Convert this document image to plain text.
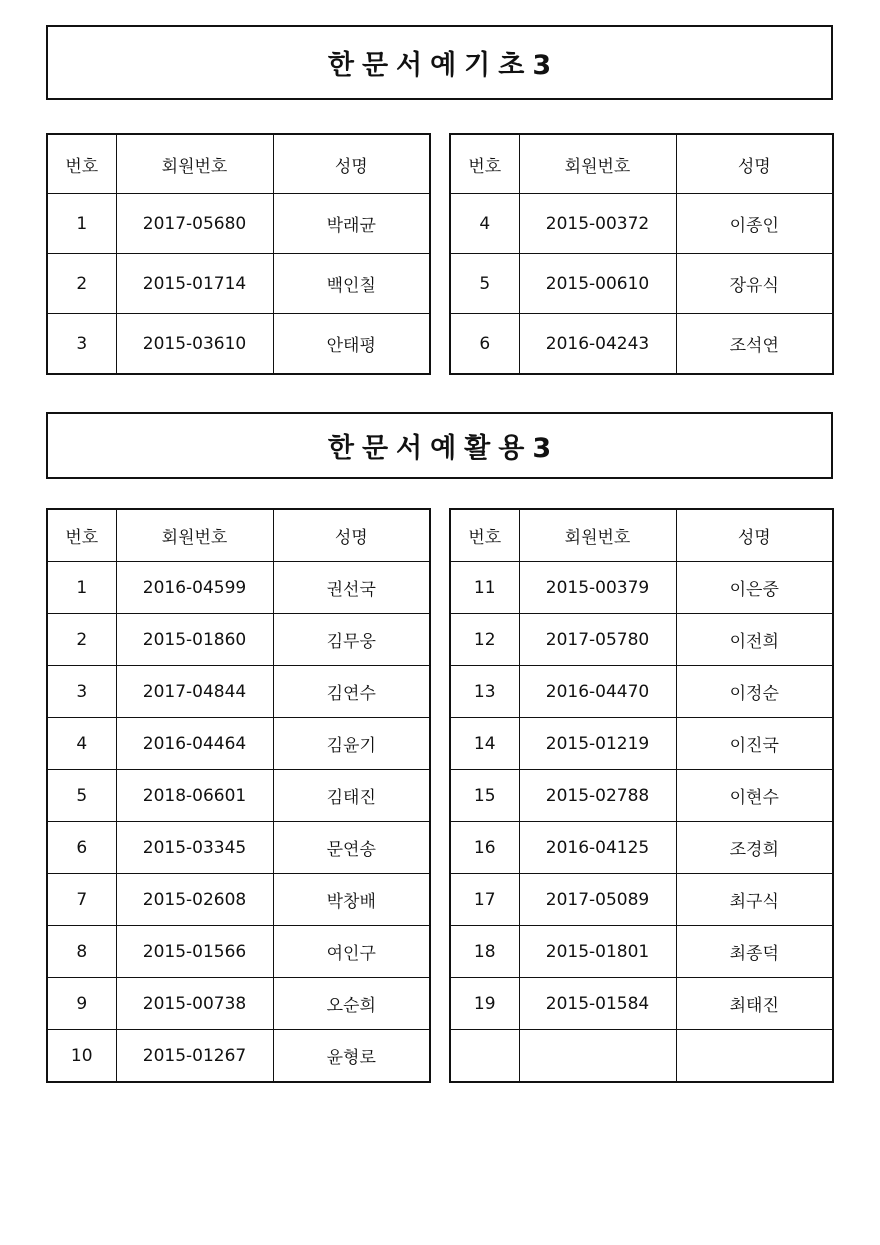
한문서예기초3
번호	회원번호	성명
1	2017-05680	박래균
2	2015-01714	백인칠
3	2015-03610	안태평
번호	회원번호	성명
4	2015-00372	이종인
5	2015-00610	장유식
6	2016-04243	조석연
한문서예활용3
번호	회원번호	성명
1	2016-04599	권선국
2	2015-01860	김무웅
3	2017-04844	김연수
4	2016-04464	김윤기
5	2018-06601	김태진
6	2015-03345	문연송
7	2015-02608	박창배
8	2015-01566	여인구
9	2015-00738	오순희
10	2015-01267	윤형로
번호	회원번호	성명
11	2015-00379	이은중
12	2017-05780	이전희
13	2016-04470	이정순
14	2015-01219	이진국
15	2015-02788	이현수
16	2016-04125	조경희
17	2017-05089	최구식
18	2015-01801	최종덕
19	2015-01584	최태진
